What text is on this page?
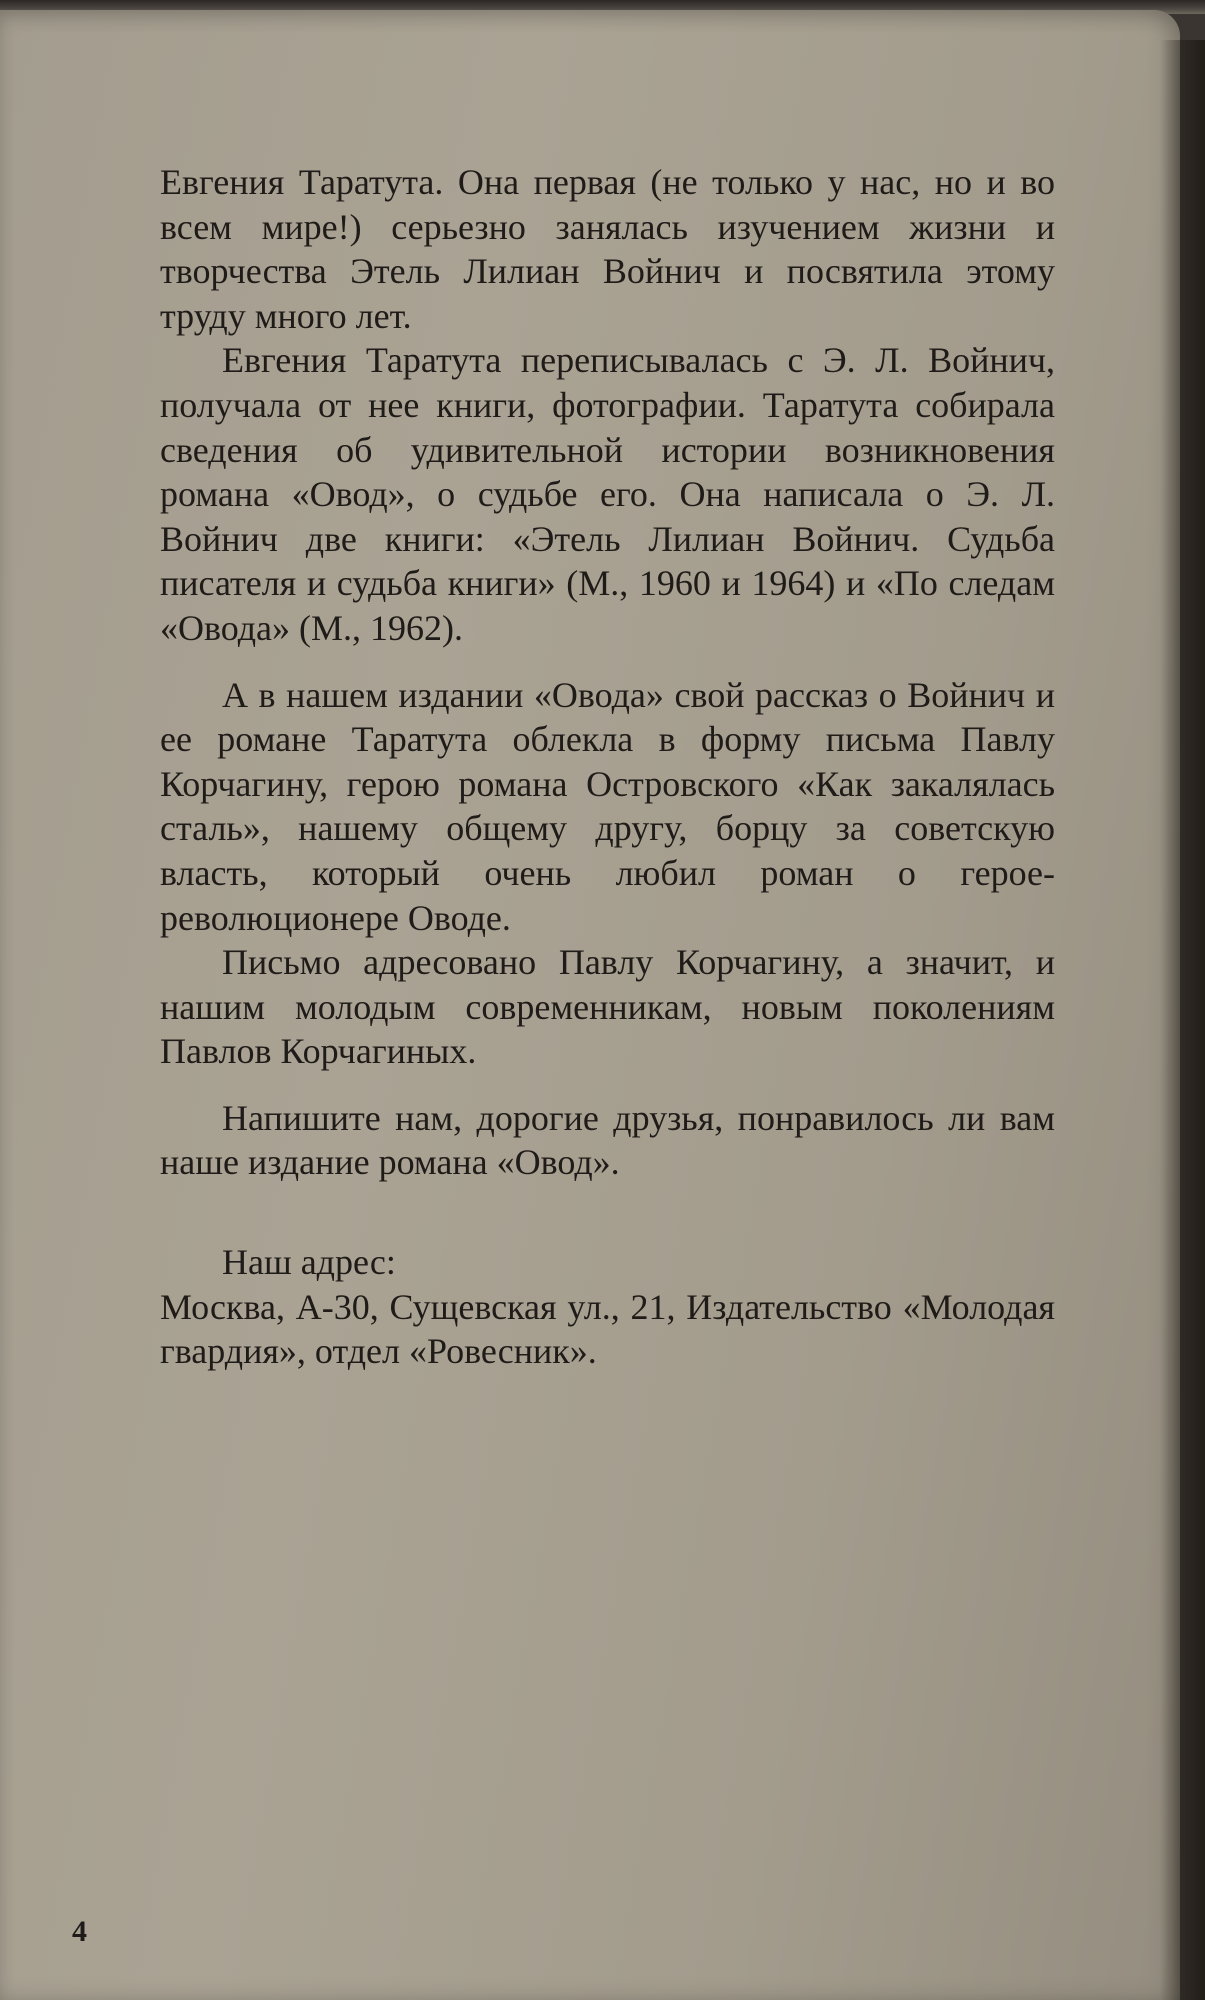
Евгения Таратута. Она первая (не только у нас, но и во всем мире!) серьезно занялась изучением жизни и творчества Этель Лилиан Войнич и посвятила этому труду много лет.

Евгения Таратута переписывалась с Э. Л. Войнич, получала от нее книги, фотографии. Таратута собирала сведения об удивительной истории возникновения романа «Овод», о судьбе его. Она написала о Э. Л. Войнич две книги: «Этель Лилиан Войнич. Судьба писателя и судьба книги» (М., 1960 и 1964) и «По следам «Овода» (М., 1962).

А в нашем издании «Овода» свой рассказ о Войнич и ее романе Таратута облекла в форму письма Павлу Корчагину, герою романа Островского «Как закалялась сталь», нашему общему другу, борцу за советскую власть, который очень любил роман о герое-революционере Оводе.

Письмо адресовано Павлу Корчагину, а значит, и нашим молодым современникам, новым поколениям Павлов Корчагиных.

Напишите нам, дорогие друзья, понравилось ли вам наше издание романа «Овод».

Наш адрес:

Москва, А-30, Сущевская ул., 21, Издательство «Молодая гвардия», отдел «Ровесник».

4
